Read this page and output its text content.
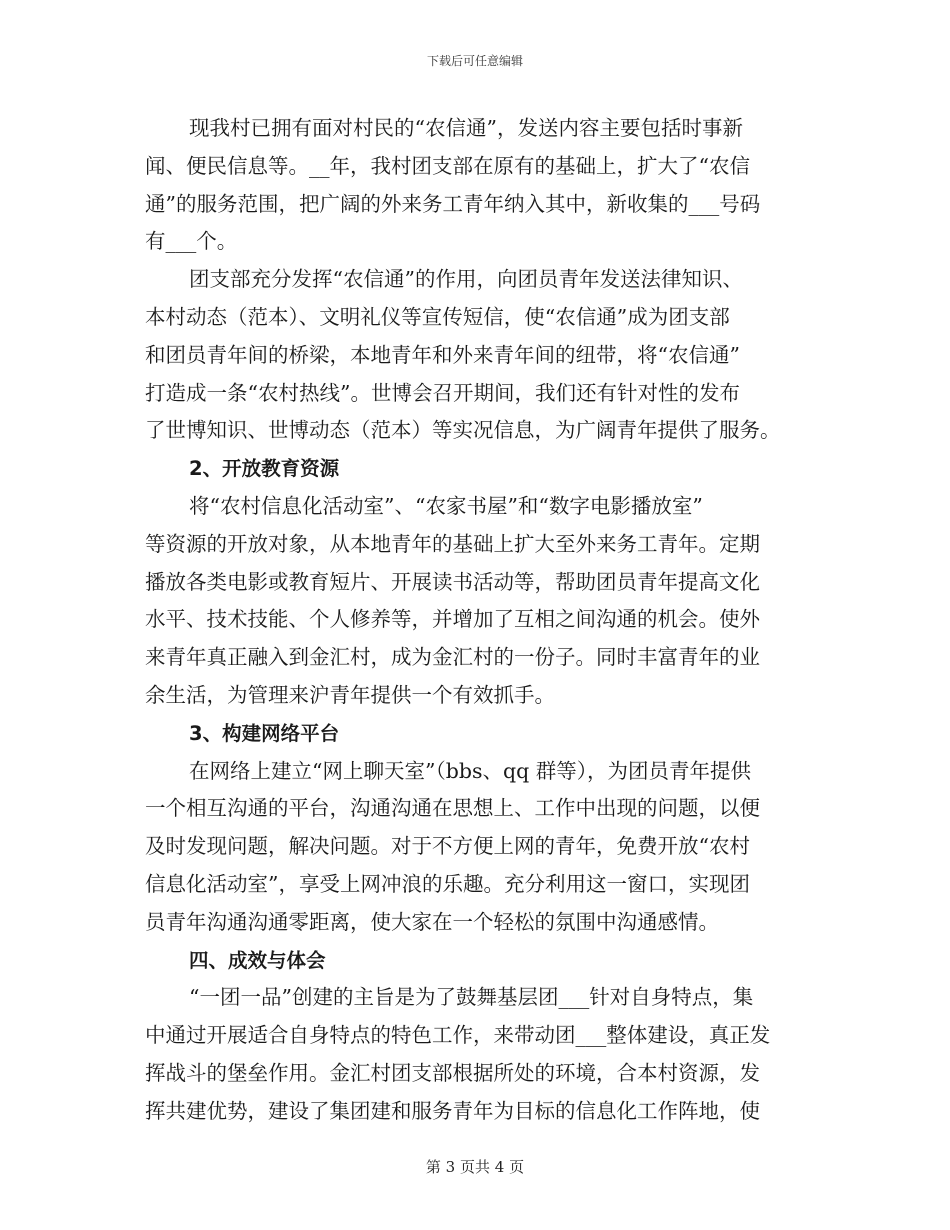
下载后可任意编辑
现我村已拥有面对村民的“农信通”，发送内容主要包括时事新
闻、便民信息等。__年，我村团支部在原有的基础上，扩大了“农信
通”的服务范围，把广阔的外来务工青年纳入其中，新收集的___号码
有___个。
团支部充分发挥“农信通”的作用，向团员青年发送法律知识、
本村动态（范本）、文明礼仪等宣传短信，使“农信通”成为团支部
和团员青年间的桥梁，本地青年和外来青年间的纽带，将“农信通”
打造成一条“农村热线”。世博会召开期间，我们还有针对性的发布
了世博知识、世博动态（范本）等实况信息，为广阔青年提供了服务。
2、开放教育资源
将“农村信息化活动室”、“农家书屋”和“数字电影播放室”
等资源的开放对象，从本地青年的基础上扩大至外来务工青年。定期
播放各类电影或教育短片、开展读书活动等，帮助团员青年提高文化
水平、技术技能、个人修养等，并增加了互相之间沟通的机会。使外
来青年真正融入到金汇村，成为金汇村的一份子。同时丰富青年的业
余生活，为管理来沪青年提供一个有效抓手。
3、构建网络平台
在网络上建立“网上聊天室”（bbs、qq 群等），为团员青年提供
一个相互沟通的平台，沟通沟通在思想上、工作中出现的问题，以便
及时发现问题，解决问题。对于不方便上网的青年，免费开放“农村
信息化活动室”，享受上网冲浪的乐趣。充分利用这一窗口，实现团
员青年沟通沟通零距离，使大家在一个轻松的氛围中沟通感情。
四、成效与体会
“一团一品”创建的主旨是为了鼓舞基层团___针对自身特点，集
中通过开展适合自身特点的特色工作，来带动团___整体建设，真正发
挥战斗的堡垒作用。金汇村团支部根据所处的环境，合本村资源，发
挥共建优势，建设了集团建和服务青年为目标的信息化工作阵地，使
第 3 页共 4 页
